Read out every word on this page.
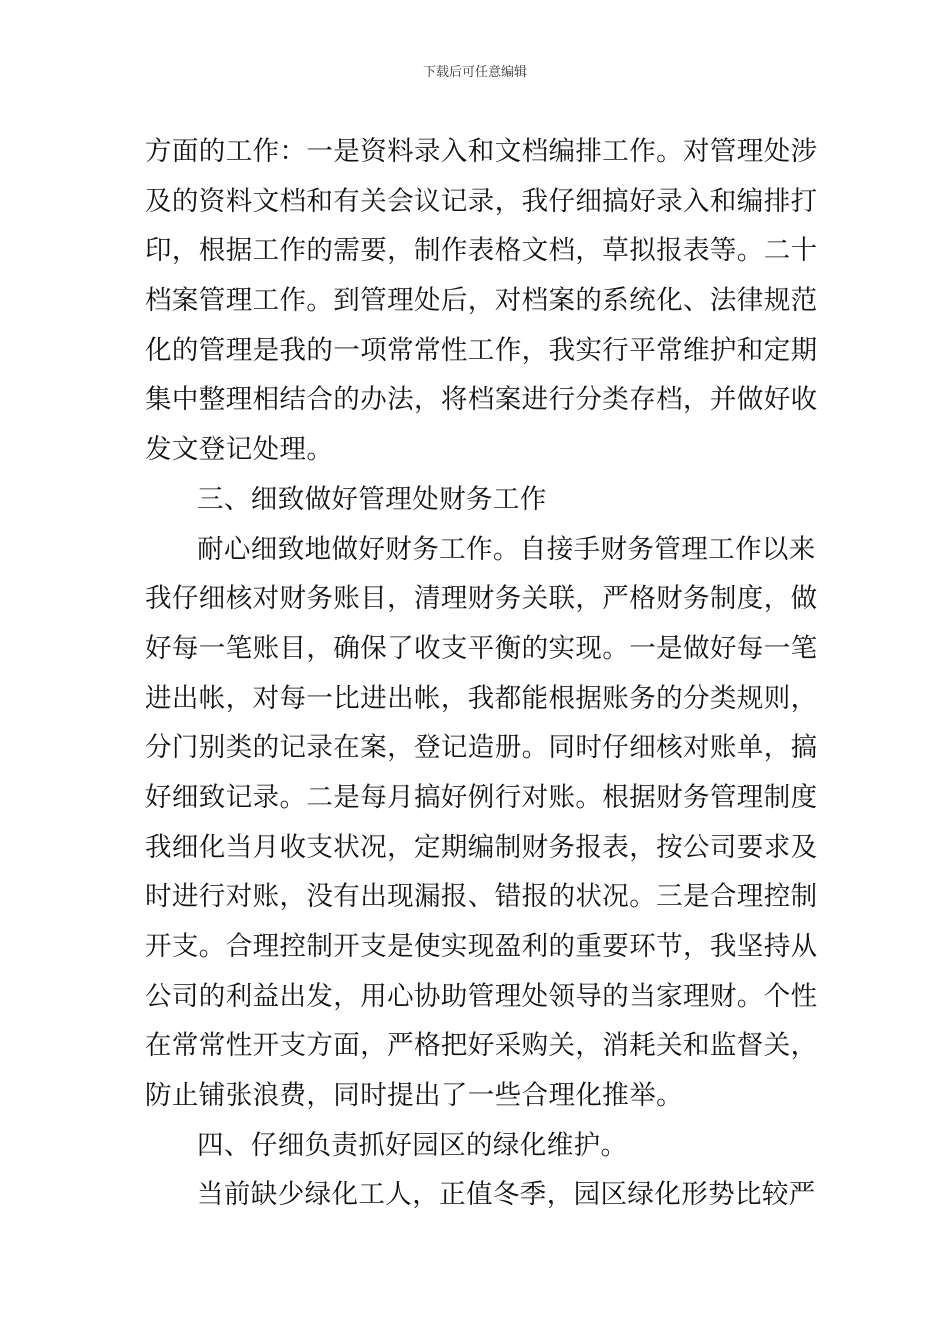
下载后可任意编辑
方面的工作：一是资料录入和文档编排工作。对管理处涉
及的资料文档和有关会议记录，我仔细搞好录入和编排打
印，根据工作的需要，制作表格文档，草拟报表等。二十
档案管理工作。到管理处后，对档案的系统化、法律规范
化的管理是我的一项常常性工作，我实行平常维护和定期
集中整理相结合的办法，将档案进行分类存档，并做好收
发文登记处理。
三、细致做好管理处财务工作
耐心细致地做好财务工作。自接手财务管理工作以来
我仔细核对财务账目，清理财务关联，严格财务制度，做
好每一笔账目，确保了收支平衡的实现。一是做好每一笔
进出帐，对每一比进出帐，我都能根据账务的分类规则，
分门别类的记录在案，登记造册。同时仔细核对账单，搞
好细致记录。二是每月搞好例行对账。根据财务管理制度
我细化当月收支状况，定期编制财务报表，按公司要求及
时进行对账，没有出现漏报、错报的状况。三是合理控制
开支。合理控制开支是使实现盈利的重要环节，我坚持从
公司的利益出发，用心协助管理处领导的当家理财。个性
在常常性开支方面，严格把好采购关，消耗关和监督关，
防止铺张浪费，同时提出了一些合理化推举。
四、仔细负责抓好园区的绿化维护。
当前缺少绿化工人，正值冬季，园区绿化形势比较严
